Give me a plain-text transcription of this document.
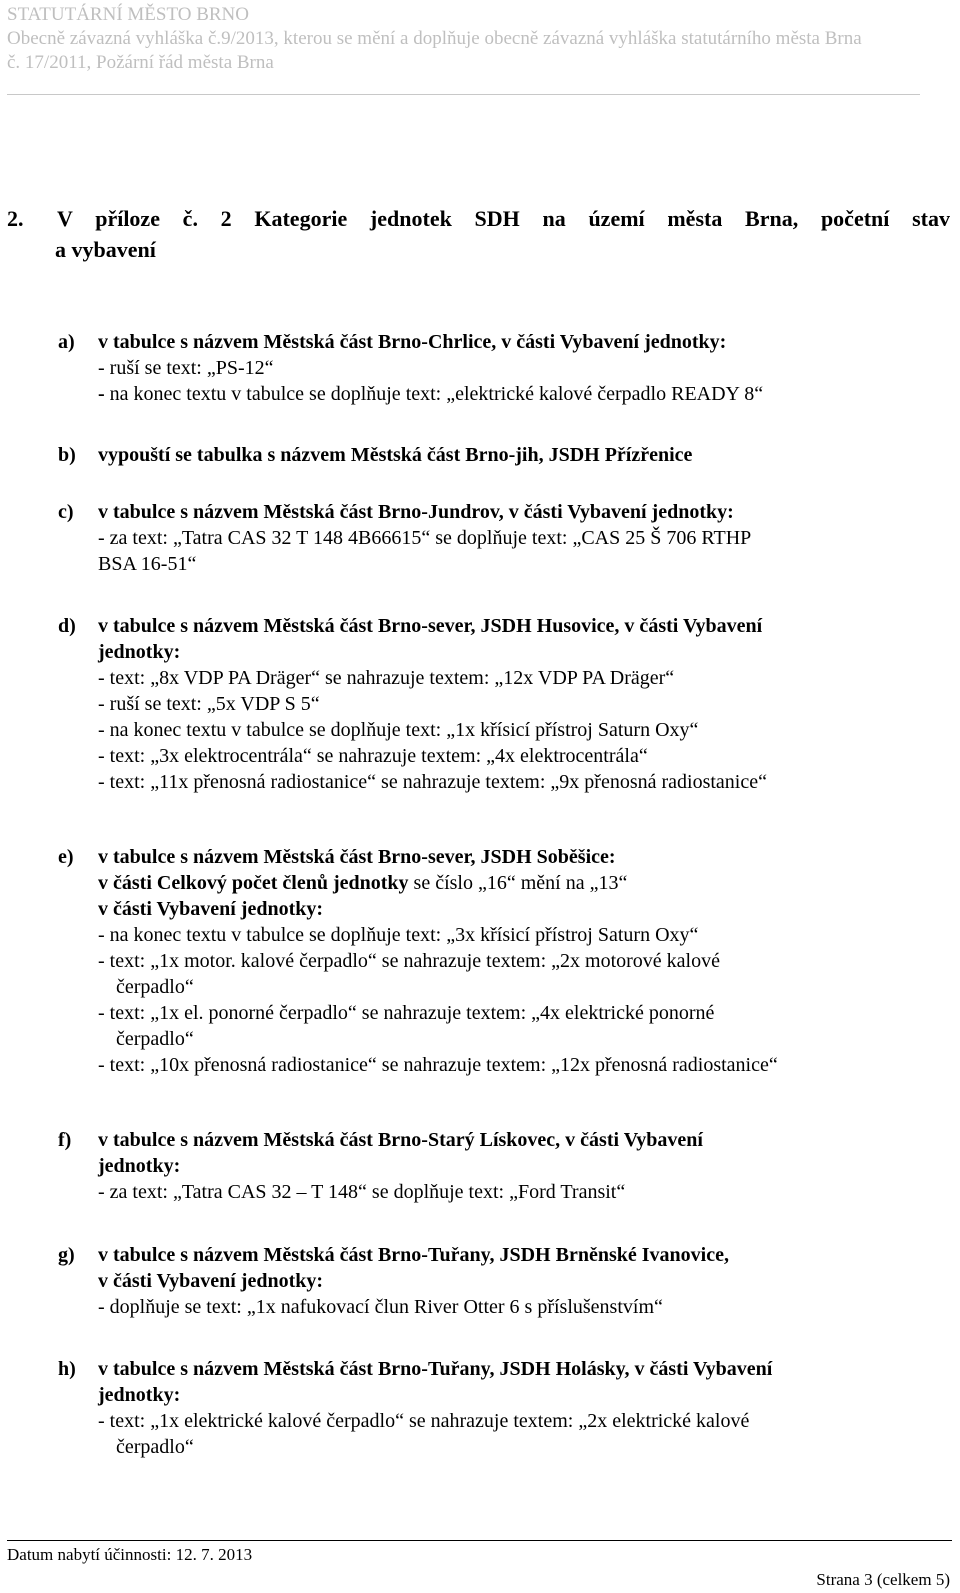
STATUTÁRNÍ MĚSTO BRNO
Obecně závazná vyhláška č.9/2013, kterou se mění a doplňuje obecně závazná vyhláška statutárního města Brna
č. 17/2011, Požární řád města Brna
2.	V příloze č. 2 Kategorie jednotek SDH na území města Brna, početní stav
a vybavení
a) v tabulce s názvem Městská část Brno-Chrlice, v části Vybavení jednotky:
- ruší se text: „PS-12“
- na konec textu v tabulce se doplňuje text: „elektrické kalové čerpadlo READY 8“
b) vypouští se tabulka s názvem Městská část Brno-jih, JSDH Přízřenice
c) v tabulce s názvem Městská část Brno-Jundrov, v části Vybavení jednotky:
- za text: „Tatra CAS 32 T 148 4B66615“ se doplňuje text: „CAS 25 Š 706 RTHP
BSA 16-51“
d) v tabulce s názvem Městská část Brno-sever, JSDH Husovice, v části Vybavení
jednotky:
- text: „8x VDP PA Dräger“ se nahrazuje textem: „12x VDP PA Dräger“
- ruší se text: „5x VDP S 5“
- na konec textu v tabulce se doplňuje text: „1x křísicí přístroj Saturn Oxy“
- text: „3x elektrocentrála“ se nahrazuje textem: „4x elektrocentrála“
- text: „11x přenosná radiostanice“ se nahrazuje textem: „9x přenosná radiostanice“
e) v tabulce s názvem Městská část Brno-sever, JSDH Soběšice:
v části Celkový počet členů jednotky se číslo „16“ mění na „13“
v části Vybavení jednotky:
- na konec textu v tabulce se doplňuje text: „3x křísicí přístroj Saturn Oxy“
- text: „1x motor. kalové čerpadlo“ se nahrazuje textem: „2x motorové kalové
čerpadlo“
- text: „1x el. ponorné čerpadlo“ se nahrazuje textem: „4x elektrické ponorné
čerpadlo“
- text: „10x přenosná radiostanice“ se nahrazuje textem: „12x přenosná radiostanice“
f) v tabulce s názvem Městská část Brno-Starý Lískovec, v části Vybavení
jednotky:
- za text: „Tatra CAS 32 – T 148“ se doplňuje text: „Ford Transit“
g) v tabulce s názvem Městská část Brno-Tuřany, JSDH Brněnské Ivanovice,
v části Vybavení jednotky:
- doplňuje se text: „1x nafukovací člun River Otter 6 s příslušenstvím“
h) v tabulce s názvem Městská část Brno-Tuřany, JSDH Holásky, v části Vybavení
jednotky:
- text: „1x elektrické kalové čerpadlo“ se nahrazuje textem: „2x elektrické kalové
čerpadlo“
Datum nabytí účinnosti: 12. 7. 2013
Strana 3 (celkem 5)
